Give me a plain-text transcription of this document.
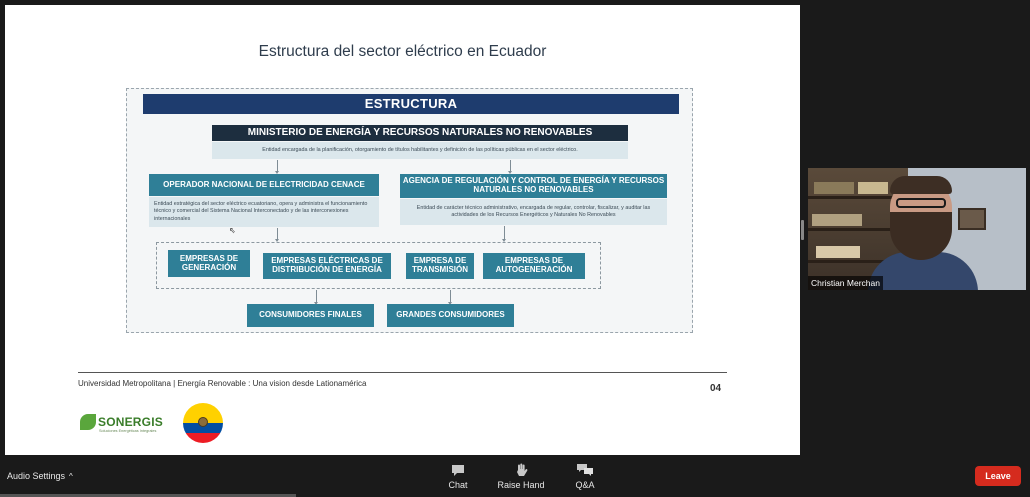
Estructura del sector eléctrico en Ecuador
ESTRUCTURA
MINISTERIO DE ENERGÍA Y RECURSOS NATURALES NO RENOVABLES
Entidad encargada de la planificación, otorgamiento de títulos habilitantes y definición de las políticas públicas en el sector eléctrico.
OPERADOR NACIONAL DE ELECTRICIDAD CENACE
Entidad estratégica del sector eléctrico ecuatoriano, opera y administra el funcionamiento técnico y comercial del Sistema Nacional Interconectado y de las interconexiones internacionales
AGENCIA DE REGULACIÓN Y CONTROL DE ENERGÍA Y RECURSOS NATURALES NO RENOVABLES
Entidad de carácter técnico administrativo, encargada de regular, controlar, fiscalizar, y auditar las actividades de los Recursos Energéticos y Naturales No Renovables
EMPRESAS DE GENERACIÓN
EMPRESAS ELÉCTRICAS DE DISTRIBUCIÓN DE ENERGÍA
EMPRESA DE TRANSMISIÓN
EMPRESAS DE AUTOGENERACIÓN
CONSUMIDORES FINALES	GRANDES CONSUMIDORES
⇖
Universidad Metropolitana | Energía Renovable : Una vision desde Lationamérica	04
SONERGIS
Soluciones Energéticas Integrales
Christian Merchan
Audio Settings ^
Chat	Raise Hand	Q&A
Leave
